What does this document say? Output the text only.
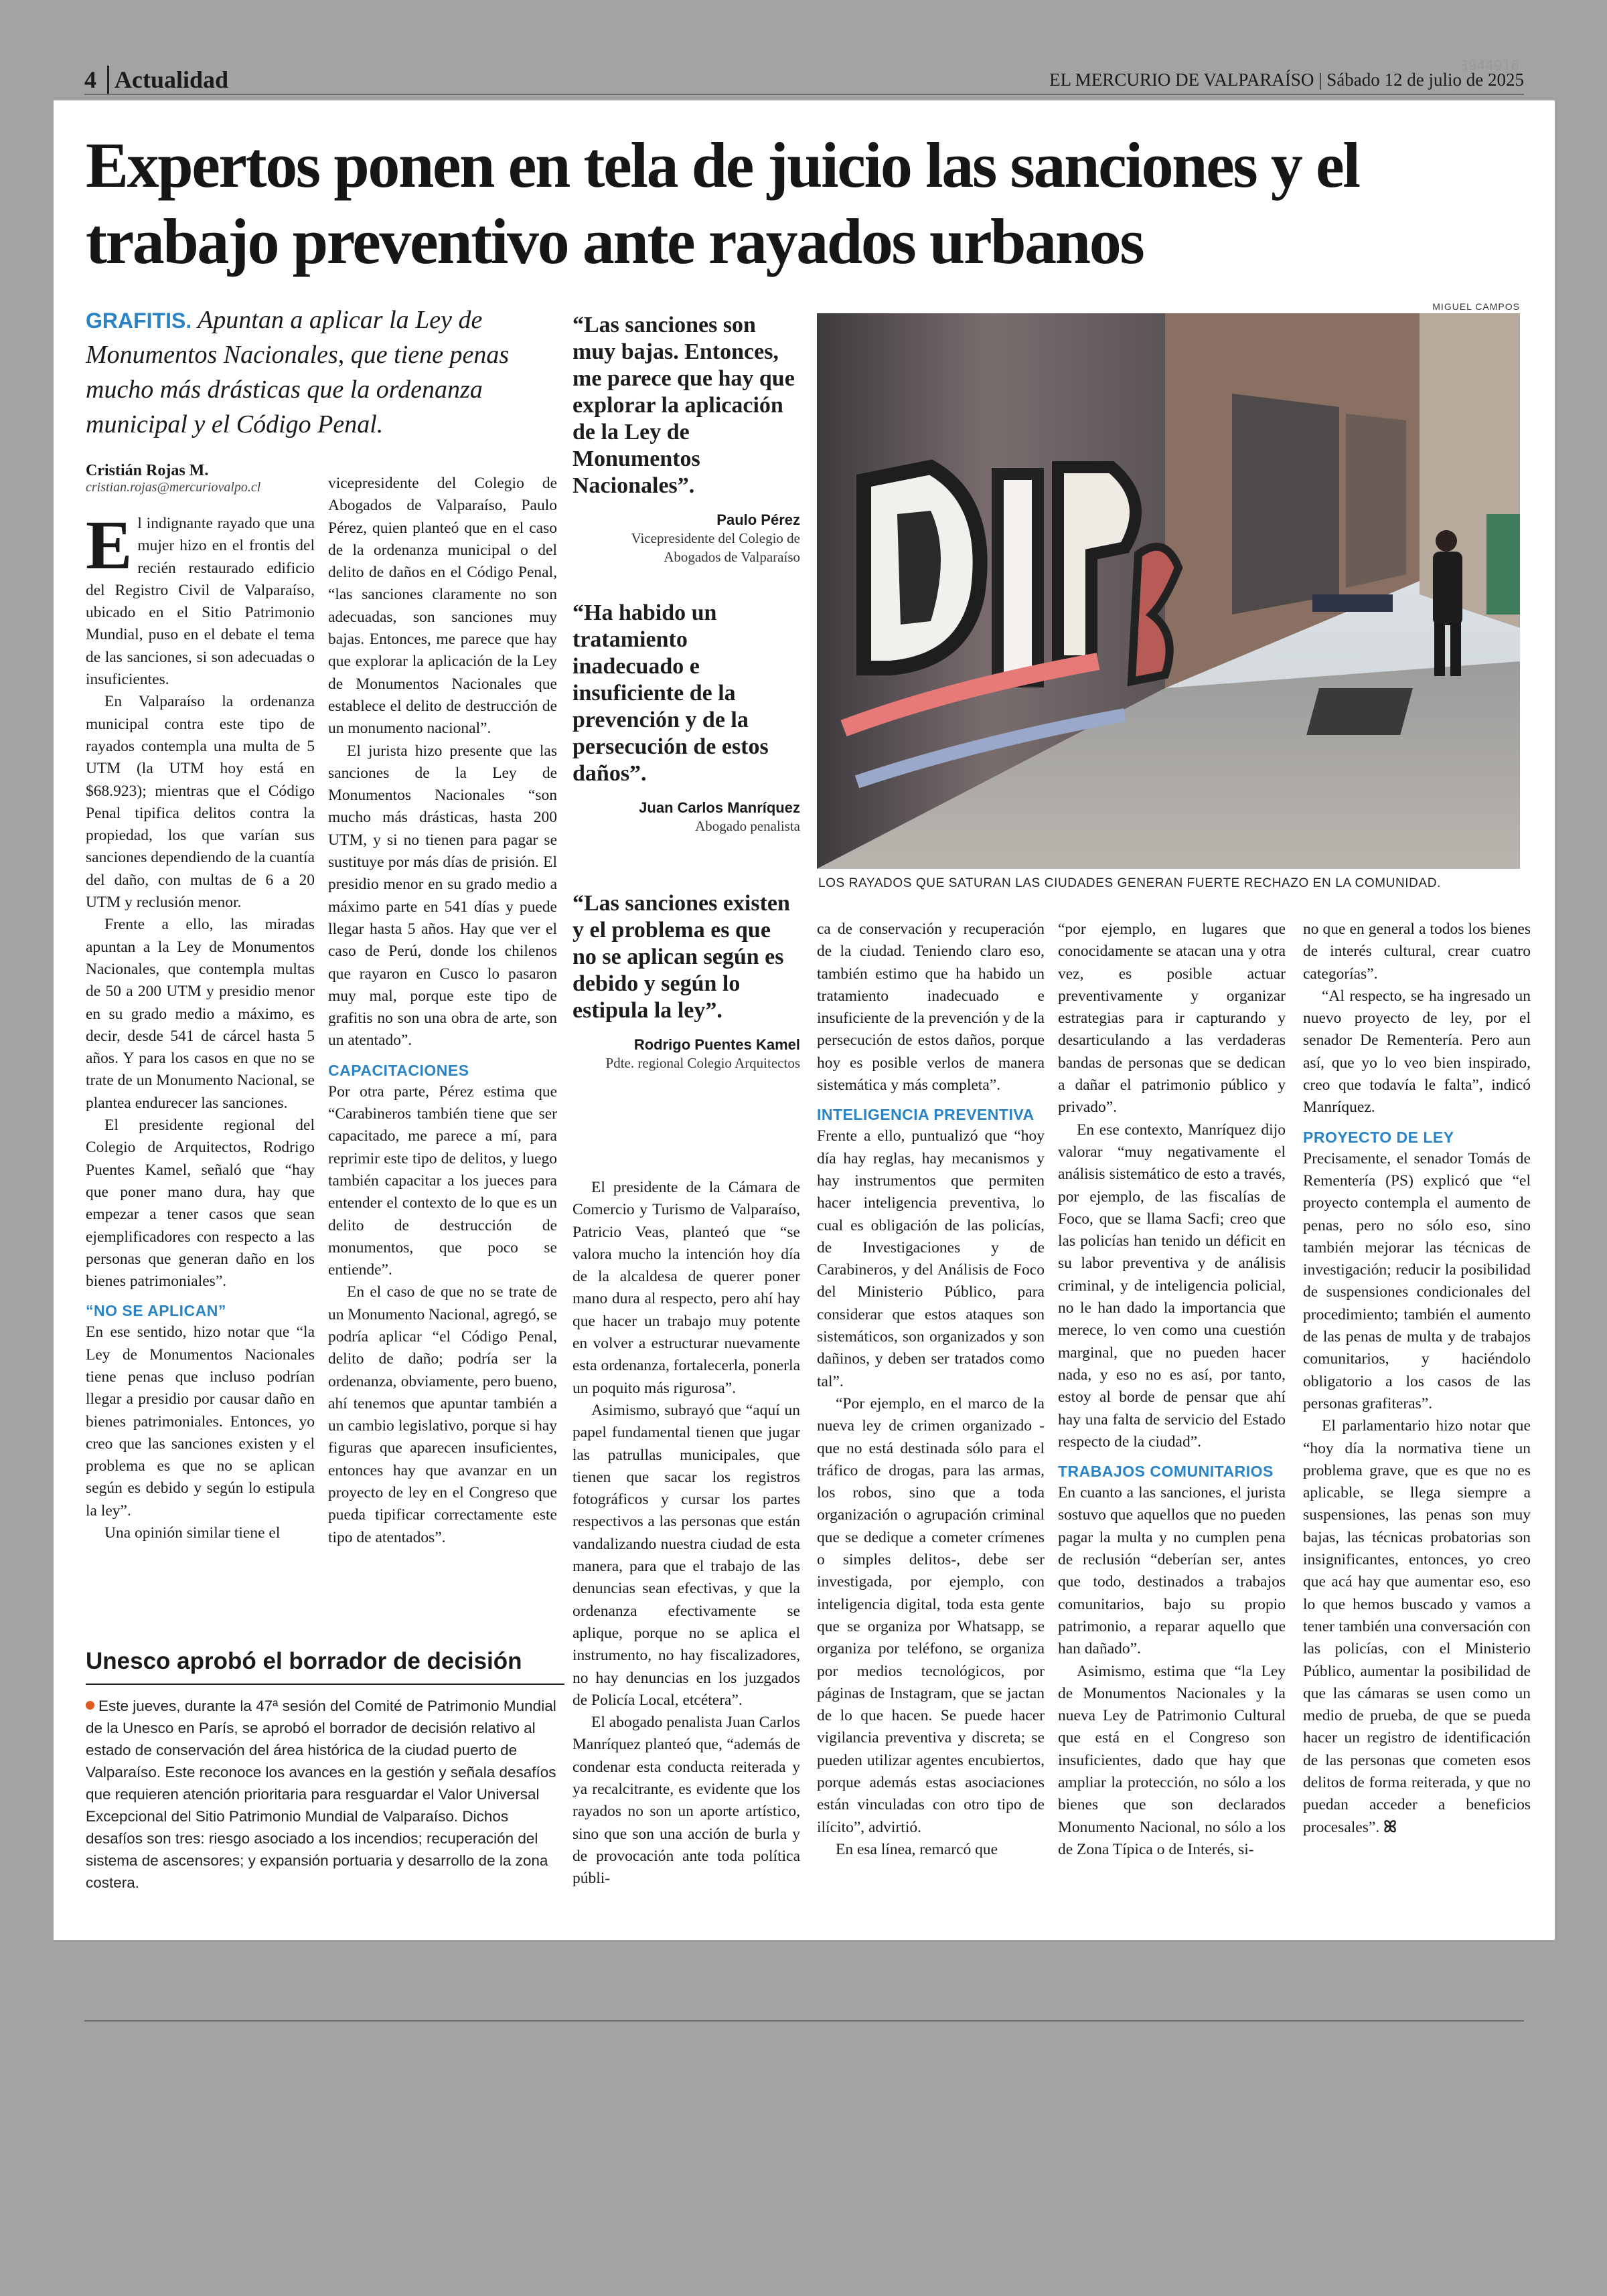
3944916
4 Actualidad	EL MERCURIO DE VALPARAÍSO | Sábado 12 de julio de 2025
Expertos ponen en tela de juicio las sanciones y el trabajo preventivo ante rayados urbanos
GRAFITIS. Apuntan a aplicar la Ley de Monumentos Nacionales, que tiene penas mucho más drásticas que la ordenanza municipal y el Código Penal.
Cristián Rojas M.
cristian.rojas@mercuriovalpo.cl

El indignante rayado que una mujer hizo en el frontis del recién restaurado edificio del Registro Civil de Valparaíso, ubicado en el Sitio Patrimonio Mundial, puso en el debate el tema de las sanciones, si son adecuadas o insuficientes.

En Valparaíso la ordenanza municipal contra este tipo de rayados contempla una multa de 5 UTM (la UTM hoy está en $68.923); mientras que el Código Penal tipifica delitos contra la propiedad, los que varían sus sanciones dependiendo de la cuantía del daño, con multas de 6 a 20 UTM y reclusión menor.

Frente a ello, las miradas apuntan a la Ley de Monumentos Nacionales, que contempla multas de 50 a 200 UTM y presidio menor en su grado medio a máximo, es decir, desde 541 de cárcel hasta 5 años. Y para los casos en que no se trate de un Monumento Nacional, se plantea endurecer las sanciones.

El presidente regional del Colegio de Arquitectos, Rodrigo Puentes Kamel, señaló que “hay que poner mano dura, hay que empezar a tener casos que sean ejemplificadores con respecto a las personas que generan daño en los bienes patrimoniales”.

“NO SE APLICAN”

En ese sentido, hizo notar que “la Ley de Monumentos Nacionales tiene penas que incluso podrían llegar a presidio por causar daño en bienes patrimoniales. Entonces, yo creo que las sanciones existen y el problema es que no se aplican según es debido y según lo estipula la ley”.

Una opinión similar tiene el

vicepresidente del Colegio de Abogados de Valparaíso, Paulo Pérez, quien planteó que en el caso de la ordenanza municipal o del delito de daños en el Código Penal, “las sanciones claramente no son adecuadas, son sanciones muy bajas. Entonces, me parece que hay que explorar la aplicación de la Ley de Monumentos Nacionales que establece el delito de destrucción de un monumento nacional”.

El jurista hizo presente que las sanciones de la Ley de Monumentos Nacionales “son mucho más drásticas, hasta 200 UTM, y si no tienen para pagar se sustituye por más días de prisión. El presidio menor en su grado medio a máximo parte en 541 días y puede llegar hasta 5 años. Hay que ver el caso de Perú, donde los chilenos que rayaron en Cusco lo pasaron muy mal, porque este tipo de grafitis no son una obra de arte, son un atentado”.

CAPACITACIONES

Por otra parte, Pérez estima que “Carabineros también tiene que ser capacitado, me parece a mí, para reprimir este tipo de delitos, y luego también capacitar a los jueces para entender el contexto de lo que es un delito de destrucción de monumentos, que poco se entiende”.

En el caso de que no se trate de un Monumento Nacional, agregó, se podría aplicar “el Código Penal, delito de daño; podría ser la ordenanza, obviamente, pero bueno, ahí tenemos que apuntar también a un cambio legislativo, porque si hay figuras que aparecen insuficientes, entonces hay que avanzar en un proyecto de ley en el Congreso que pueda tipificar correctamente este tipo de atentados”.

“Las sanciones son muy bajas. Entonces, me parece que hay que explorar la aplicación de la Ley de Monumentos Nacionales”.
Paulo Pérez
Vicepresidente del Colegio de Abogados de Valparaíso
“Ha habido un tratamiento inadecuado e insuficiente de la prevención y de la persecución de estos daños”.
Juan Carlos Manríquez
Abogado penalista
“Las sanciones existen y el problema es que no se aplican según es debido y según lo estipula la ley”.
Rodrigo Puentes Kamel
Pdte. regional Colegio Arquitectos
MIGUEL CAMPOS
LOS RAYADOS QUE SATURAN LAS CIUDADES GENERAN FUERTE RECHAZO EN LA COMUNIDAD.

El presidente de la Cámara de Comercio y Turismo de Valparaíso, Patricio Veas, planteó que “se valora mucho la intención hoy día de la alcaldesa de querer poner mano dura al respecto, pero ahí hay que hacer un trabajo muy potente en volver a estructurar nuevamente esta ordenanza, fortalecerla, ponerla un poquito más rigurosa”.

Asimismo, subrayó que “aquí un papel fundamental tienen que jugar las patrullas municipales, que tienen que sacar los registros fotográficos y cursar los partes respectivos a las personas que están vandalizando nuestra ciudad de esta manera, para que el trabajo de las denuncias sean efectivas, y que la ordenanza efectivamente se aplique, porque no se aplica el instrumento, no hay fiscalizadores, no hay denuncias en los juzgados de Policía Local, etcétera”.

El abogado penalista Juan Carlos Manríquez planteó que, “además de condenar esta conducta reiterada y ya recalcitrante, es evidente que los rayados no son un aporte artístico, sino que son una acción de burla y de provocación ante toda política públi-

ca de conservación y recuperación de la ciudad. Teniendo claro eso, también estimo que ha habido un tratamiento inadecuado e insuficiente de la prevención y de la persecución de estos daños, porque hoy es posible verlos de manera sistemática y más completa”.

INTELIGENCIA PREVENTIVA

Frente a ello, puntualizó que “hoy día hay reglas, hay mecanismos y hay instrumentos que permiten hacer inteligencia preventiva, lo cual es obligación de las policías, de Investigaciones y de Carabineros, y del Análisis de Foco del Ministerio Público, para considerar que estos ataques son sistemáticos, son organizados y son dañinos, y deben ser tratados como tal”.

“Por ejemplo, en el marco de la nueva ley de crimen organizado -que no está destinada sólo para el tráfico de drogas, para las armas, los robos, sino que a toda organización o agrupación criminal que se dedique a cometer crímenes o simples delitos-, debe ser investigada, por ejemplo, con inteligencia digital, toda esta gente que se organiza por Whatsapp, se organiza por teléfono, se organiza por medios tecnológicos, por páginas de Instagram, que se jactan de lo que hacen. Se puede hacer vigilancia preventiva y discreta; se pueden utilizar agentes encubiertos, porque además estas asociaciones están vinculadas con otro tipo de ilícito”, advirtió.

En esa línea, remarcó que

“por ejemplo, en lugares que conocidamente se atacan una y otra vez, es posible actuar preventivamente y organizar estrategias para ir capturando y desarticulando a las verdaderas bandas de personas que se dedican a dañar el patrimonio público y privado”.

En ese contexto, Manríquez dijo valorar “muy negativamente el análisis sistemático de esto a través, por ejemplo, de las fiscalías de Foco, que se llama Sacfi; creo que las policías han tenido un déficit en su labor preventiva y de análisis criminal, y de inteligencia policial, no le han dado la importancia que merece, lo ven como una cuestión marginal, que no pueden hacer nada, y eso no es así, por tanto, estoy al borde de pensar que ahí hay una falta de servicio del Estado respecto de la ciudad”.

TRABAJOS COMUNITARIOS

En cuanto a las sanciones, el jurista sostuvo que aquellos que no pueden pagar la multa y no cumplen pena de reclusión “deberían ser, antes que todo, destinados a trabajos comunitarios, bajo su propio patrimonio, a reparar aquello que han dañado”.

Asimismo, estima que “la Ley de Monumentos Nacionales y la nueva Ley de Patrimonio Cultural que está en el Congreso son insuficientes, dado que hay que ampliar la protección, no sólo a los bienes que son declarados Monumento Nacional, no sólo a los de Zona Típica o de Interés, si-

no que en general a todos los bienes de interés cultural, crear cuatro categorías”.

“Al respecto, se ha ingresado un nuevo proyecto de ley, por el senador De Rementería. Pero aun así, que yo lo veo bien inspirado, creo que todavía le falta”, indicó Manríquez.

PROYECTO DE LEY

Precisamente, el senador Tomás de Rementería (PS) explicó que “el proyecto contempla el aumento de penas, pero no sólo eso, sino también mejorar las técnicas de investigación; reducir la posibilidad de suspensiones condicionales del procedimiento; también el aumento de las penas de multa y de trabajos comunitarios, y haciéndolo obligatorio a los casos de las personas grafiteras”.

El parlamentario hizo notar que “hoy día la normativa tiene un problema grave, que es que no es aplicable, se llega siempre a suspensiones, las penas son muy bajas, las técnicas probatorias son insignificantes, entonces, yo creo que acá hay que aumentar eso, eso lo que hemos buscado y vamos a tener también una conversación con las policías, con el Ministerio Público, aumentar la posibilidad de que las cámaras se usen como un medio de prueba, de que se pueda hacer un registro de identificación de las personas que cometen esos delitos de forma reiterada, y que no puedan acceder a beneficios procesales”. ꕤ

Unesco aprobó el borrador de decisión
Este jueves, durante la 47ª sesión del Comité de Patrimonio Mundial de la Unesco en París, se aprobó el borrador de decisión relativo al estado de conservación del área histórica de la ciudad puerto de Valparaíso. Este reconoce los avances en la gestión y señala desafíos que requieren atención prioritaria para resguardar el Valor Universal Excepcional del Sitio Patrimonio Mundial de Valparaíso. Dichos desafíos son tres: riesgo asociado a los incendios; recuperación del sistema de ascensores; y expansión portuaria y desarrollo de la zona costera.
